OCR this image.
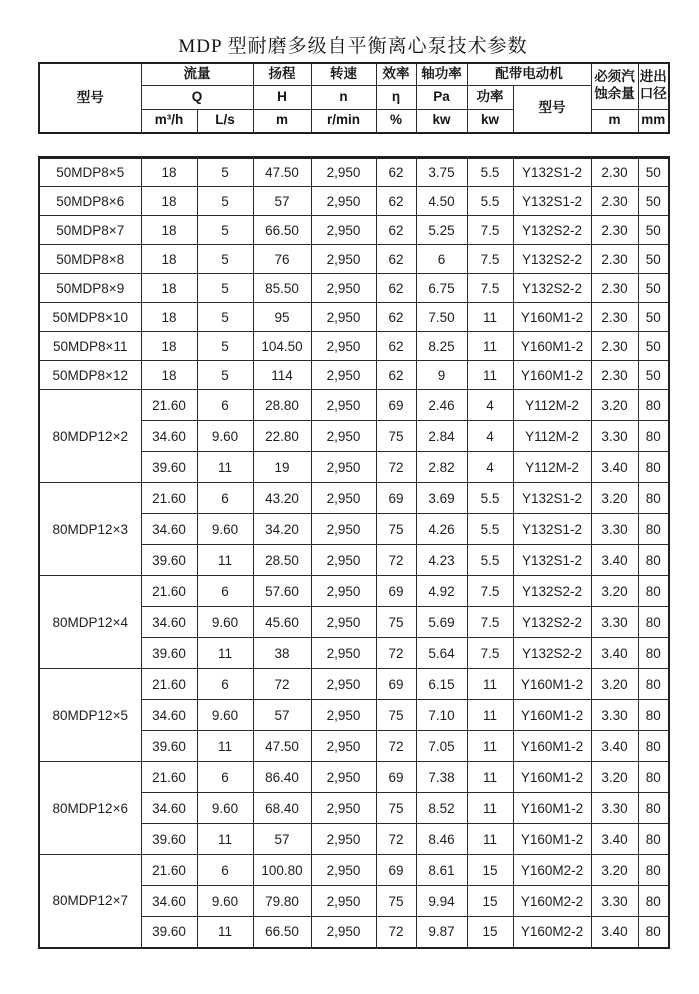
MDP 型耐磨多级自平衡离心泵技术参数
型号	流量		扬程	转速	效率	轴功率	配带电动机		必须汽蚀余量	进出口径
	Q		H	n	η	Pa	功率	型号		
	m³/h	L/s	m	r/min	%	kw	kw		m	mm
50MDP8×5	18	5	47.50	2,950	62	3.75	5.5	Y132S1-2	2.30	50
50MDP8×6	18	5	57	2,950	62	4.50	5.5	Y132S1-2	2.30	50
50MDP8×7	18	5	66.50	2,950	62	5.25	7.5	Y132S2-2	2.30	50
50MDP8×8	18	5	76	2,950	62	6	7.5	Y132S2-2	2.30	50
50MDP8×9	18	5	85.50	2,950	62	6.75	7.5	Y132S2-2	2.30	50
50MDP8×10	18	5	95	2,950	62	7.50	11	Y160M1-2	2.30	50
50MDP8×11	18	5	104.50	2,950	62	8.25	11	Y160M1-2	2.30	50
50MDP8×12	18	5	114	2,950	62	9	11	Y160M1-2	2.30	50
80MDP12×2	21.60	6	28.80	2,950	69	2.46	4	Y112M-2	3.20	80
	34.60	9.60	22.80	2,950	75	2.84	4	Y112M-2	3.30	80
	39.60	11	19	2,950	72	2.82	4	Y112M-2	3.40	80
80MDP12×3	21.60	6	43.20	2,950	69	3.69	5.5	Y132S1-2	3.20	80
	34.60	9.60	34.20	2,950	75	4.26	5.5	Y132S1-2	3.30	80
	39.60	11	28.50	2,950	72	4.23	5.5	Y132S1-2	3.40	80
80MDP12×4	21.60	6	57.60	2,950	69	4.92	7.5	Y132S2-2	3.20	80
	34.60	9.60	45.60	2,950	75	5.69	7.5	Y132S2-2	3.30	80
	39.60	11	38	2,950	72	5.64	7.5	Y132S2-2	3.40	80
80MDP12×5	21.60	6	72	2,950	69	6.15	11	Y160M1-2	3.20	80
	34.60	9.60	57	2,950	75	7.10	11	Y160M1-2	3.30	80
	39.60	11	47.50	2,950	72	7.05	11	Y160M1-2	3.40	80
80MDP12×6	21.60	6	86.40	2,950	69	7.38	11	Y160M1-2	3.20	80
	34.60	9.60	68.40	2,950	75	8.52	11	Y160M1-2	3.30	80
	39.60	11	57	2,950	72	8.46	11	Y160M1-2	3.40	80
80MDP12×7	21.60	6	100.80	2,950	69	8.61	15	Y160M2-2	3.20	80
	34.60	9.60	79.80	2,950	75	9.94	15	Y160M2-2	3.30	80
	39.60	11	66.50	2,950	72	9.87	15	Y160M2-2	3.40	80
